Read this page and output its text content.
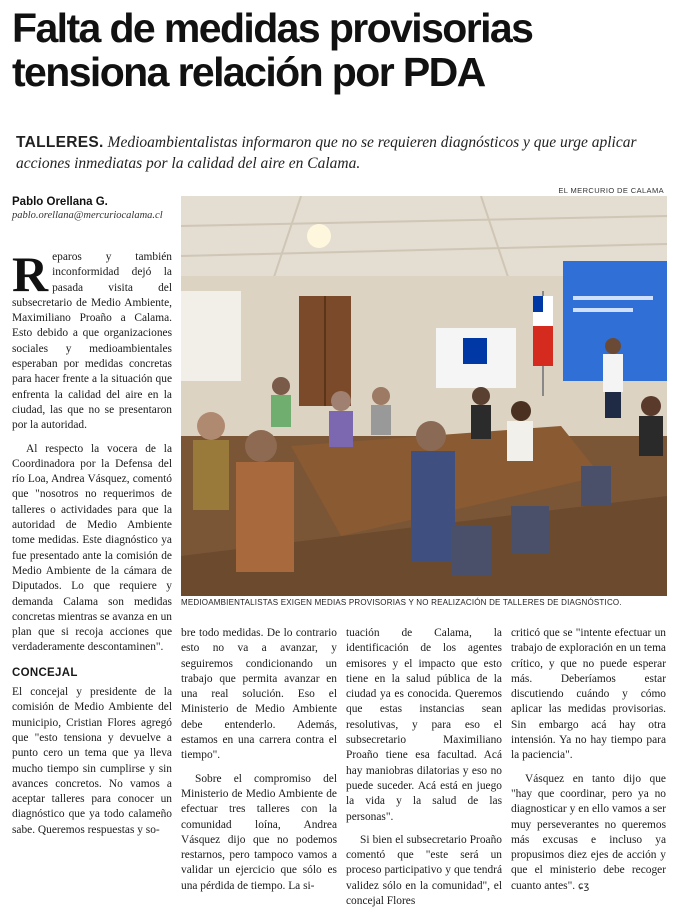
Falta de medidas provisorias tensiona relación por PDA
TALLERES. Medioambientalistas informaron que no se requieren diagnósticos y que urge aplicar acciones inmediatas por la calidad del aire en Calama.
EL MERCURIO DE CALAMA
Pablo Orellana G.
pablo.orellana@mercuriocalama.cl
MEDIOAMBIENTALISTAS EXIGEN MEDIAS PROVISORIAS Y NO REALIZACIÓN DE TALLERES DE DIAGNÓSTICO.

Reparos y también inconformidad dejó la pasada visita del subsecretario de Medio Ambiente, Maximiliano Proaño a Calama. Esto debido a que organizaciones sociales y medioambientales esperaban por medidas concretas para hacer frente a la situación que enfrenta la calidad del aire en la ciudad, las que no se presentaron por la autoridad.

Al respecto la vocera de la Coordinadora por la Defensa del río Loa, Andrea Vásquez, comentó que "nosotros no requerimos de talleres o actividades para que la autoridad de Medio Ambiente tome medidas. Este diagnóstico ya fue presentado ante la comisión de Medio Ambiente de la cámara de Diputados. Lo que requiere y demanda Calama son medidas concretas mientras se avanza en un plan que si recoja acciones que verdaderamente descontaminen".

CONCEJAL

El concejal y presidente de la comisión de Medio Ambiente del municipio, Cristian Flores agregó que "esto tensiona y devuelve a punto cero un tema que ya lleva mucho tiempo sin cumplirse y sin avances concretos. No vamos a aceptar talleres para conocer un diagnóstico que ya todo calameño sabe. Queremos respuestas y so-

bre todo medidas. De lo contrario esto no va a avanzar, y seguiremos condicionando un trabajo que permita avanzar en una real solución. Eso el Ministerio de Medio Ambiente debe entenderlo. Además, estamos en una carrera contra el tiempo".

Sobre el compromiso del Ministerio de Medio Ambiente de efectuar tres talleres con la comunidad loína, Andrea Vásquez dijo que no podemos restarnos, pero tampoco vamos a validar un ejercicio que sólo es una pérdida de tiempo. La si-

tuación de Calama, la identificación de los agentes emisores y el impacto que esto tiene en la salud pública de la ciudad ya es conocida. Queremos que estas instancias sean resolutivas, y para eso el subsecretario Maximiliano Proaño tiene esa facultad. Acá hay maniobras dilatorias y eso no puede suceder. Acá está en juego la vida y la salud de las personas".

Si bien el subsecretario Proaño comentó que "este será un proceso participativo y que tendrá validez sólo en la comunidad", el concejal Flores

criticó que se "intente efectuar un trabajo de exploración en un tema crítico, y que no puede esperar más. Deberíamos estar discutiendo cuándo y cómo aplicar las medidas provisorias. Sin embargo acá hay otra intensión. Ya no hay tiempo para la paciencia".

Vásquez en tanto dijo que "hay que coordinar, pero ya no diagnosticar y en ello vamos a ser muy perseverantes no queremos más excusas e incluso ya propusimos diez ejes de acción y que el ministerio debe recoger cuanto antes". ɕʒ
